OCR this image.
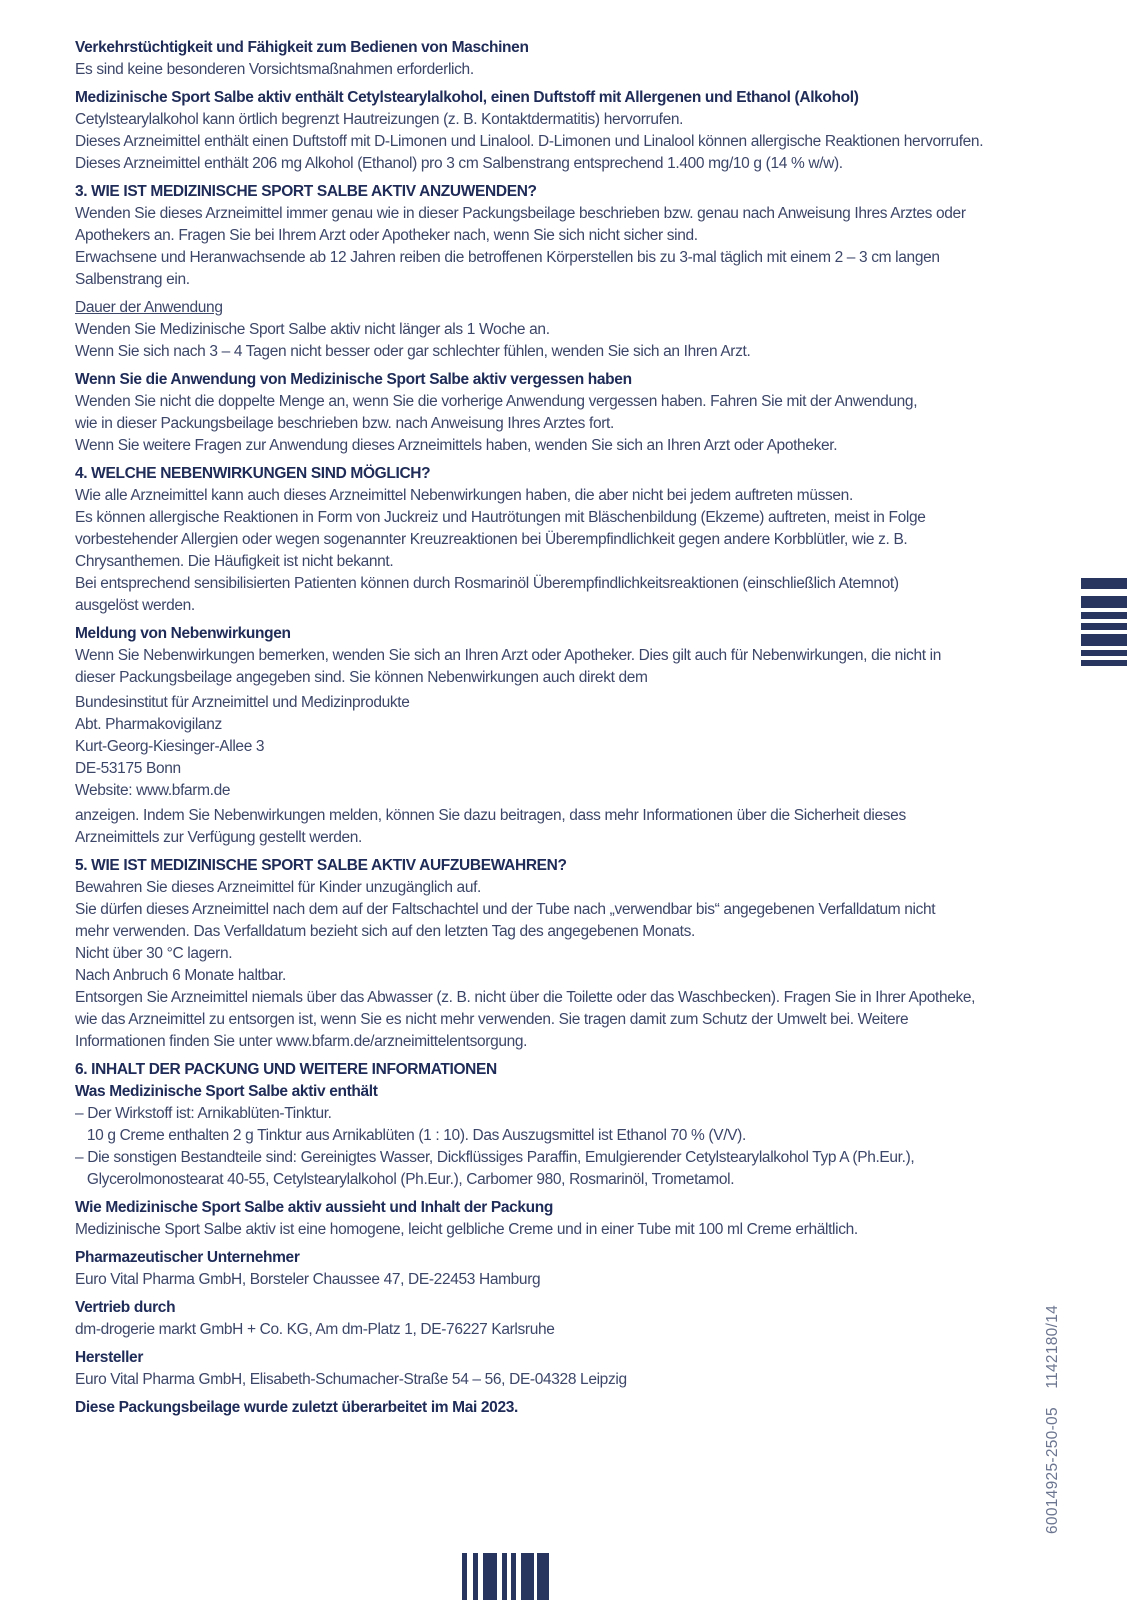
Verkehrstüchtigkeit und Fähigkeit zum Bedienen von Maschinen
Es sind keine besonderen Vorsichtsmaßnahmen erforderlich.
Medizinische Sport Salbe aktiv enthält Cetylstearylalkohol, einen Duftstoff mit Allergenen und Ethanol (Alkohol)
Cetylstearylalkohol kann örtlich begrenzt Hautreizungen (z. B. Kontaktdermatitis) hervorrufen.
Dieses Arzneimittel enthält einen Duftstoff mit D-Limonen und Linalool. D-Limonen und Linalool können allergische Reaktionen hervorrufen.
Dieses Arzneimittel enthält 206 mg Alkohol (Ethanol) pro 3 cm Salbenstrang entsprechend 1.400 mg/10 g (14 % w/w).
3. WIE IST MEDIZINISCHE SPORT SALBE AKTIV ANZUWENDEN?
Wenden Sie dieses Arzneimittel immer genau wie in dieser Packungsbeilage beschrieben bzw. genau nach Anweisung Ihres Arztes oder
Apothekers an. Fragen Sie bei Ihrem Arzt oder Apotheker nach, wenn Sie sich nicht sicher sind.
Erwachsene und Heranwachsende ab 12 Jahren reiben die betroffenen Körperstellen bis zu 3-mal täglich mit einem 2 – 3 cm langen
Salbenstrang ein.
Dauer der Anwendung
Wenden Sie Medizinische Sport Salbe aktiv nicht länger als 1 Woche an.
Wenn Sie sich nach 3 – 4 Tagen nicht besser oder gar schlechter fühlen, wenden Sie sich an Ihren Arzt.
Wenn Sie die Anwendung von Medizinische Sport Salbe aktiv vergessen haben
Wenden Sie nicht die doppelte Menge an, wenn Sie die vorherige Anwendung vergessen haben. Fahren Sie mit der Anwendung,
wie in dieser Packungsbeilage beschrieben bzw. nach Anweisung Ihres Arztes fort.
Wenn Sie weitere Fragen zur Anwendung dieses Arzneimittels haben, wenden Sie sich an Ihren Arzt oder Apotheker.
4. WELCHE NEBENWIRKUNGEN SIND MÖGLICH?
Wie alle Arzneimittel kann auch dieses Arzneimittel Nebenwirkungen haben, die aber nicht bei jedem auftreten müssen.
Es können allergische Reaktionen in Form von Juckreiz und Hautrötungen mit Bläschenbildung (Ekzeme) auftreten, meist in Folge
vorbestehender Allergien oder wegen sogenannter Kreuzreaktionen bei Überempfindlichkeit gegen andere Korbblütler, wie z. B.
Chrysanthemen. Die Häufigkeit ist nicht bekannt.
Bei entsprechend sensibilisierten Patienten können durch Rosmarinöl Überempfindlichkeitsreaktionen (einschließlich Atemnot)
ausgelöst werden.
Meldung von Nebenwirkungen
Wenn Sie Nebenwirkungen bemerken, wenden Sie sich an Ihren Arzt oder Apotheker. Dies gilt auch für Nebenwirkungen, die nicht in
dieser Packungsbeilage angegeben sind. Sie können Nebenwirkungen auch direkt dem
Bundesinstitut für Arzneimittel und Medizinprodukte
Abt. Pharmakovigilanz
Kurt-Georg-Kiesinger-Allee 3
DE-53175 Bonn
Website: www.bfarm.de
anzeigen. Indem Sie Nebenwirkungen melden, können Sie dazu beitragen, dass mehr Informationen über die Sicherheit dieses
Arzneimittels zur Verfügung gestellt werden.
5. WIE IST MEDIZINISCHE SPORT SALBE AKTIV AUFZUBEWAHREN?
Bewahren Sie dieses Arzneimittel für Kinder unzugänglich auf.
Sie dürfen dieses Arzneimittel nach dem auf der Faltschachtel und der Tube nach „verwendbar bis“ angegebenen Verfalldatum nicht
mehr verwenden. Das Verfalldatum bezieht sich auf den letzten Tag des angegebenen Monats.
Nicht über 30 °C lagern.
Nach Anbruch 6 Monate haltbar.
Entsorgen Sie Arzneimittel niemals über das Abwasser (z. B. nicht über die Toilette oder das Waschbecken). Fragen Sie in Ihrer Apotheke,
wie das Arzneimittel zu entsorgen ist, wenn Sie es nicht mehr verwenden. Sie tragen damit zum Schutz der Umwelt bei. Weitere
Informationen finden Sie unter www.bfarm.de/arzneimittelentsorgung.
6. INHALT DER PACKUNG UND WEITERE INFORMATIONEN
Was Medizinische Sport Salbe aktiv enthält
– Der Wirkstoff ist: Arnikablüten-Tinktur.
10 g Creme enthalten 2 g Tinktur aus Arnikablüten (1 : 10). Das Auszugsmittel ist Ethanol 70 % (V/V).
– Die sonstigen Bestandteile sind: Gereinigtes Wasser, Dickflüssiges Paraffin, Emulgierender Cetylstearylalkohol Typ A (Ph.Eur.),
Glycerolmonostearat 40-55, Cetylstearylalkohol (Ph.Eur.), Carbomer 980, Rosmarinöl, Trometamol.
Wie Medizinische Sport Salbe aktiv aussieht und Inhalt der Packung
Medizinische Sport Salbe aktiv ist eine homogene, leicht gelbliche Creme und in einer Tube mit 100 ml Creme erhältlich.
Pharmazeutischer Unternehmer
Euro Vital Pharma GmbH, Borsteler Chaussee 47, DE-22453 Hamburg
Vertrieb durch
dm-drogerie markt GmbH + Co. KG, Am dm-Platz 1, DE-76227 Karlsruhe
Hersteller
Euro Vital Pharma GmbH, Elisabeth-Schumacher-Straße 54 – 56, DE-04328 Leipzig
Diese Packungsbeilage wurde zuletzt überarbeitet im Mai 2023.	60014925-250-05    1142180/14
